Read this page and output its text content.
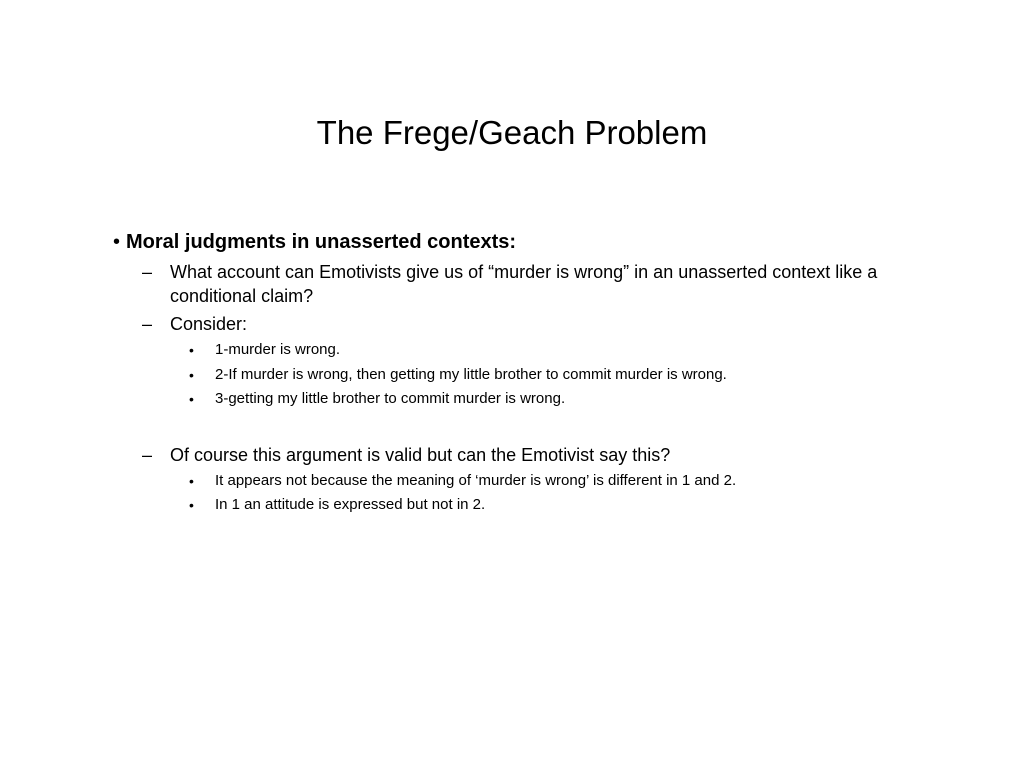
The Frege/Geach Problem
• Moral judgments in unasserted contexts:
– What account can Emotivists give us of “murder is wrong” in an unasserted context like a conditional claim?
– Consider:
• 1-murder is wrong.
• 2-If murder is wrong, then getting my little brother to commit murder is wrong.
• 3-getting my little brother to commit murder is wrong.
– Of course this argument is valid but can the Emotivist say this?
• It appears not because the meaning of ‘murder is wrong’ is different in 1 and 2.
• In 1 an attitude is expressed but not in 2.
